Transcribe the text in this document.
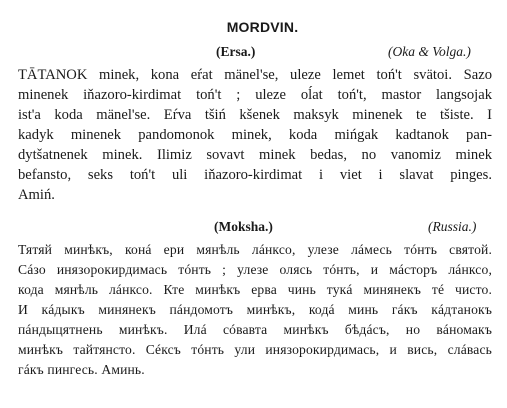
MORDVIN.
(Ersa.)	(Oka & Volga.)
TĀTANOK minek, kona eŕat mänel'se, uleze lemet toń't svätoi. Sazo
minenek iňazoro-kirdimat toń't ; uleze oĺat toń't, mastor langsojak
ist'a koda mänel'se. Eŕva tšiń kšenek maksyk minenek te tšiste. I
kadyk minenek pandomonok minek, koda mińgak kadtanok pan-
dytšatnenek minek. Ilimiz sovavt minek bedas, no vanomiz minek
befansto, seks toń't uli iňazoro-kirdimat i viet i slavat pinges.
Amiń.
(Moksha.)	(Russia.)
Тятяй минѣкъ, конá ери мянѣль лáнксо, улезе лáмесь тóнть святой.
Сáзо инязорокирдимась тóнть ; улезе олясь тóнть, и мáсторъ лáнксо,
кода мянѣль лáнксо. Кте минѣкъ ерва чинь тукá минянекъ тé чисто.
И кáдыкъ минянекъ пáндомотъ минѣкъ, кодá минь гáкъ кáдтанокъ
пáндыцятнень минѣкъ. Илá сóвавта минѣкъ бѣдáсъ, но вáномакъ
минѣкъ тайтянсто. Сéксъ тóнть ули инязорокирдимась, и вись, слáвась
гáкъ пингесь. Аминь.
